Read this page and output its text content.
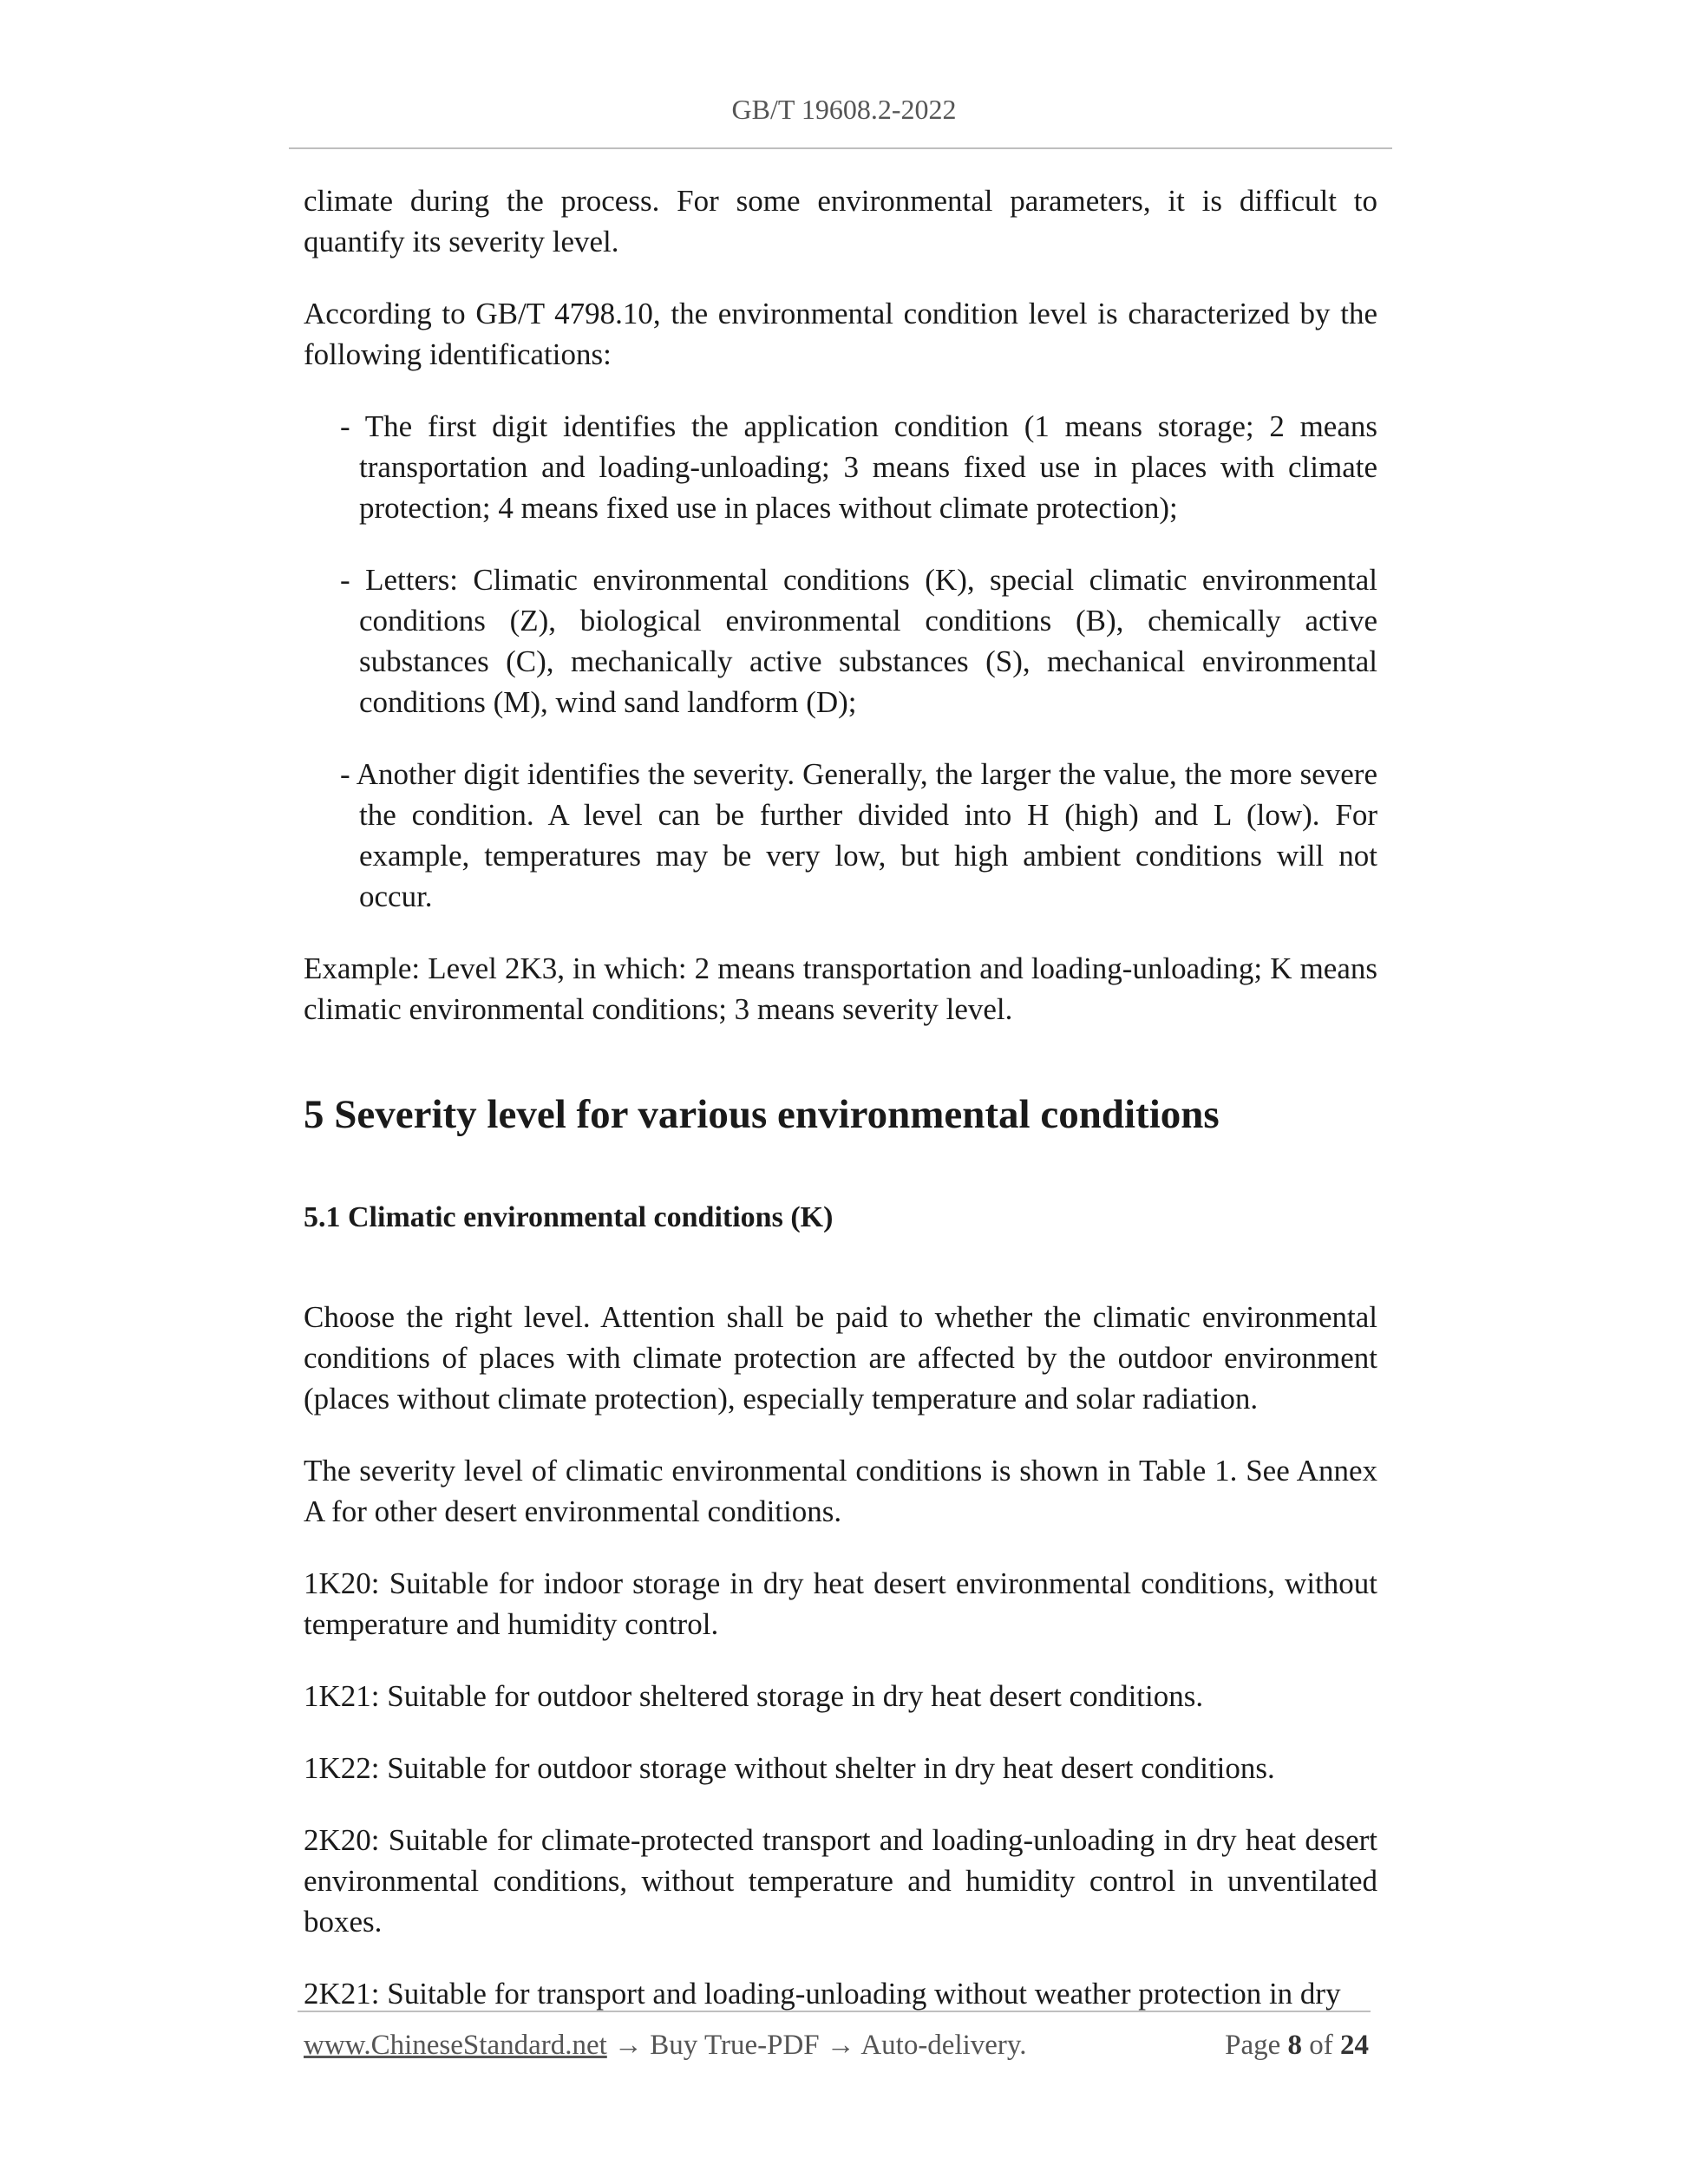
GB/T 19608.2-2022

climate during the process. For some environmental parameters, it is difficult to quantify its severity level.

According to GB/T 4798.10, the environmental condition level is characterized by the following identifications:

- The first digit identifies the application condition (1 means storage; 2 means transportation and loading-unloading; 3 means fixed use in places with climate protection; 4 means fixed use in places without climate protection);

- Letters: Climatic environmental conditions (K), special climatic environmental conditions (Z), biological environmental conditions (B), chemically active substances (C), mechanically active substances (S), mechanical environmental conditions (M), wind sand landform (D);

- Another digit identifies the severity. Generally, the larger the value, the more severe the condition. A level can be further divided into H (high) and L (low). For example, temperatures may be very low, but high ambient conditions will not occur.

Example: Level 2K3, in which: 2 means transportation and loading-unloading; K means climatic environmental conditions; 3 means severity level.

5 Severity level for various environmental conditions
5.1 Climatic environmental conditions (K)

Choose the right level. Attention shall be paid to whether the climatic environmental conditions of places with climate protection are affected by the outdoor environment (places without climate protection), especially temperature and solar radiation.

The severity level of climatic environmental conditions is shown in Table 1. See Annex A for other desert environmental conditions.

1K20: Suitable for indoor storage in dry heat desert environmental conditions, without temperature and humidity control.

1K21: Suitable for outdoor sheltered storage in dry heat desert conditions.

1K22: Suitable for outdoor storage without shelter in dry heat desert conditions.

2K20: Suitable for climate-protected transport and loading-unloading in dry heat desert environmental conditions, without temperature and humidity control in unventilated boxes.

2K21: Suitable for transport and loading-unloading without weather protection in dry

www.ChineseStandard.net → Buy True-PDF → Auto-delivery.	Page 8 of 24
